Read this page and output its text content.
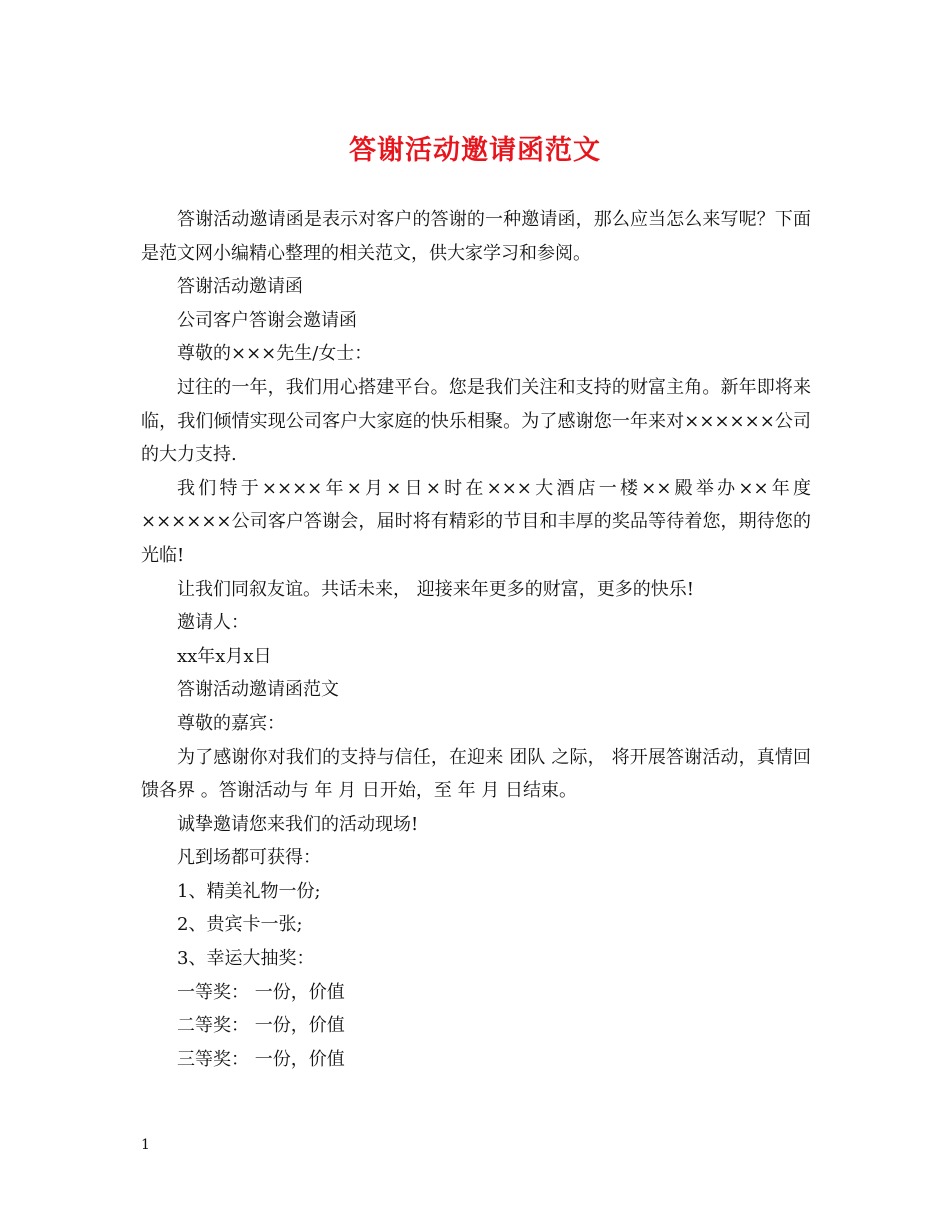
答谢活动邀请函范文

答谢活动邀请函是表示对客户的答谢的一种邀请函，那么应当怎么来写呢？下面是范文网小编精心整理的相关范文，供大家学习和参阅。

答谢活动邀请函

公司客户答谢会邀请函

尊敬的×××先生/女士：

过往的一年，我们用心搭建平台。您是我们关注和支持的财富主角。新年即将来临，我们倾情实现公司客户大家庭的快乐相聚。为了感谢您一年来对××××××公司的大力支持.

我们特于××××年×月×日×时在×××大酒店一楼××殿举办××年度××××××公司客户答谢会，届时将有精彩的节目和丰厚的奖品等待着您，期待您的光临!

让我们同叙友谊。共话未来， 迎接来年更多的财富，更多的快乐!

邀请人：

xx年x月x日

答谢活动邀请函范文

尊敬的嘉宾：

为了感谢你对我们的支持与信任，在迎来 团队 之际， 将开展答谢活动，真情回馈各界 。答谢活动与 年 月 日开始，至 年 月 日结束。

诚挚邀请您来我们的活动现场!

凡到场都可获得：

1、精美礼物一份;

2、贵宾卡一张;

3、幸运大抽奖：

一等奖： 一份，价值

二等奖： 一份，价值

三等奖： 一份，价值

1
